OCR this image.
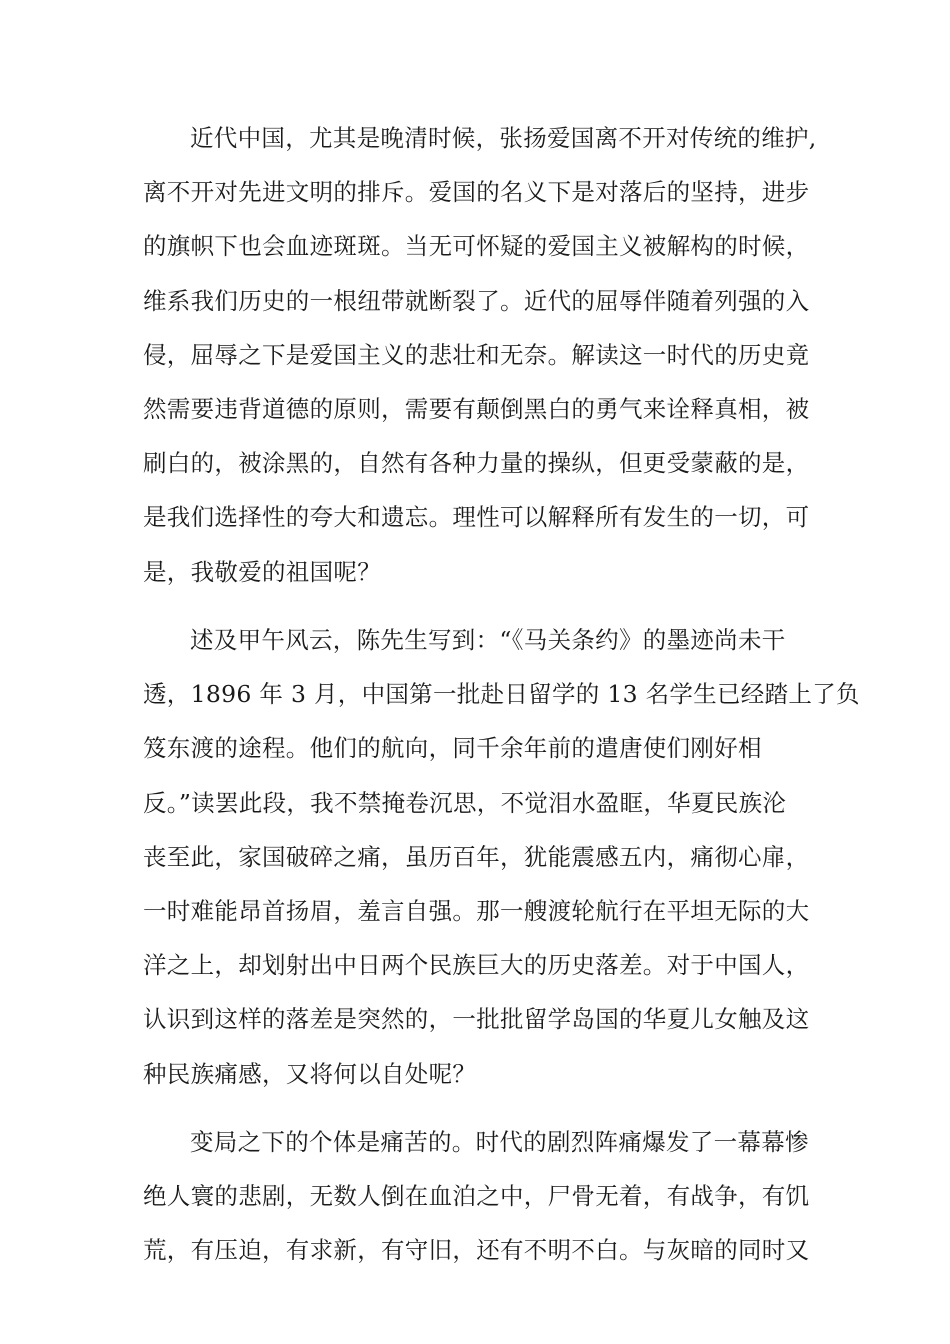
近代中国，尤其是晚清时候，张扬爱国离不开对传统的维护,
离不开对先进文明的排斥。爱国的名义下是对落后的坚持，进步
的旗帜下也会血迹斑斑。当无可怀疑的爱国主义被解构的时候，
维系我们历史的一根纽带就断裂了。近代的屈辱伴随着列强的入
侵，屈辱之下是爱国主义的悲壮和无奈。解读这一时代的历史竟
然需要违背道德的原则，需要有颠倒黑白的勇气来诠释真相，被
刷白的，被涂黑的，自然有各种力量的操纵，但更受蒙蔽的是，
是我们选择性的夸大和遗忘。理性可以解释所有发生的一切，可
是，我敬爱的祖国呢？
述及甲午风云，陈先生写到：“《马关条约》的墨迹尚未干
透，1896 年 3 月，中国第一批赴日留学的 13 名学生已经踏上了负
笈东渡的途程。他们的航向，同千余年前的遣唐使们刚好相
反。”读罢此段，我不禁掩卷沉思，不觉泪水盈眶，华夏民族沦
丧至此，家国破碎之痛，虽历百年，犹能震感五内，痛彻心扉，
一时难能昂首扬眉，羞言自强。那一艘渡轮航行在平坦无际的大
洋之上，却划射出中日两个民族巨大的历史落差。对于中国人，
认识到这样的落差是突然的，一批批留学岛国的华夏儿女触及这
种民族痛感，又将何以自处呢？
变局之下的个体是痛苦的。时代的剧烈阵痛爆发了一幕幕惨
绝人寰的悲剧，无数人倒在血泊之中，尸骨无着，有战争，有饥
荒，有压迫，有求新，有守旧，还有不明不白。与灰暗的同时又
